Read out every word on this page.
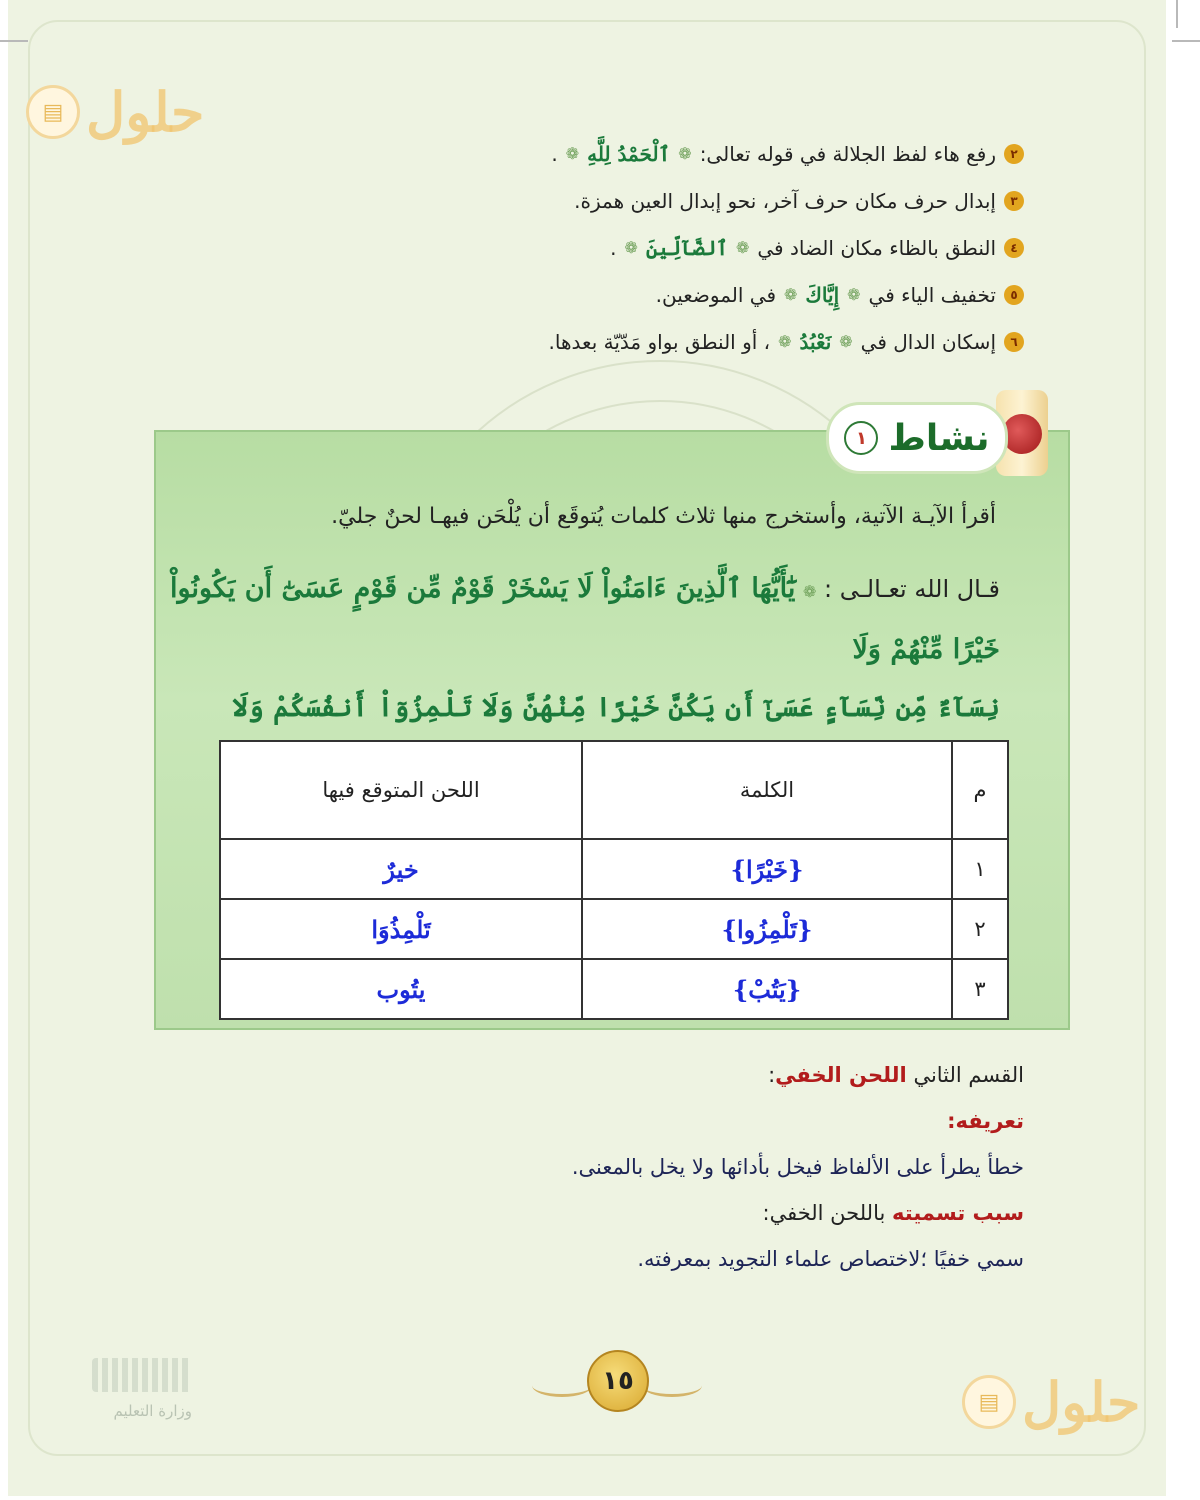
▤ حلول
▤ حلول
٢
رفع هاء لفظ الجلالة في قوله تعالى:
❁
ٱلْحَمْدُ لِلَّهِ
❁
.
٣
إبدال حرف مكان حرف آخر، نحو إبدال العين همزة.
٤
النطق بالظاء مكان الضاد في
❁
ٱلضَّآلِّينَ
❁
.
٥
تخفيف الياء في
❁
إِيَّاكَ
❁
في الموضعين.
٦
إسكان الدال في
❁
نَعْبُدُ
❁
، أو النطق بواو مَدّيّة بعدها.
نشاط
١
أقرأ الآيـة الآتية، وأستخرج منها ثلاث كلمات يُتوقَع أن يُلْحَن فيهـا لحنٌ جليّ.
قـال الله تعـالـى : ❁ يَٰٓأَيُّهَا ٱلَّذِينَ ءَامَنُواْ لَا يَسْخَرْ قَوْمٌ مِّن قَوْمٍ عَسَىٰٓ أَن يَكُونُواْ خَيْرًا مِّنْهُمْ وَلَا
نِسَآءٌ مِّن نِّسَآءٍ عَسَىٰٓ أَن يَكُنَّ خَيْرًا مِّنْهُنَّ وَلَا تَلْمِزُوٓاْ أَنفُسَكُمْ وَلَا
م	الكلمة	اللحن المتوقع فيها
١	{خَيْرًا}	خيرٌ
٢	{تَلْمِزُوا}	تَلْمِذُوَا
٣	{يَتُبْ}	يتُوب
القسم الثاني

اللحن الخفي
:
تعريفه:
خطأ يطرأ على الألفاظ فيخل بأدائها ولا يخل بالمعنى.
سبب تسميته

باللحن الخفي:
سمي خفيًا ؛لاختصاص علماء التجويد بمعرفته.
١٥
وزارة التعليم
